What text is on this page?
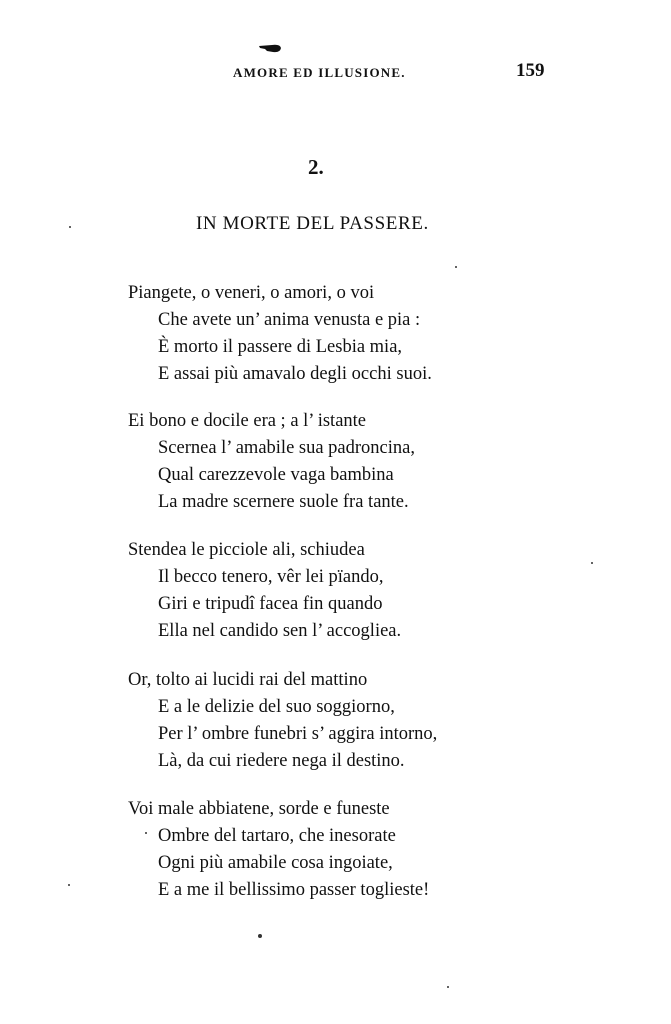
AMORE ED ILLUSIONE.	159
2.
IN MORTE DEL PASSERE.
Piangete, o veneri, o amori, o voi
Che avete un’ anima venusta e pia :
È morto il passere di Lesbia mia,
E assai più amavalo degli occhi suoi.
Ei bono e docile era ; a l’ istante
Scernea l’ amabile sua padroncina,
Qual carezzevole vaga bambina
La madre scernere suole fra tante.
Stendea le picciole ali, schiudea
Il becco tenero, vêr lei pïando,
Giri e tripudî facea fin quando
Ella nel candido sen l’ accogliea.
Or, tolto ai lucidi rai del mattino
E a le delizie del suo soggiorno,
Per l’ ombre funebri s’ aggira intorno,
Là, da cui riedere nega il destino.
Voi male abbiatene, sorde e funeste
Ombre del tartaro, che inesorate
Ogni più amabile cosa ingoiate,
E a me il bellissimo passer toglieste!
